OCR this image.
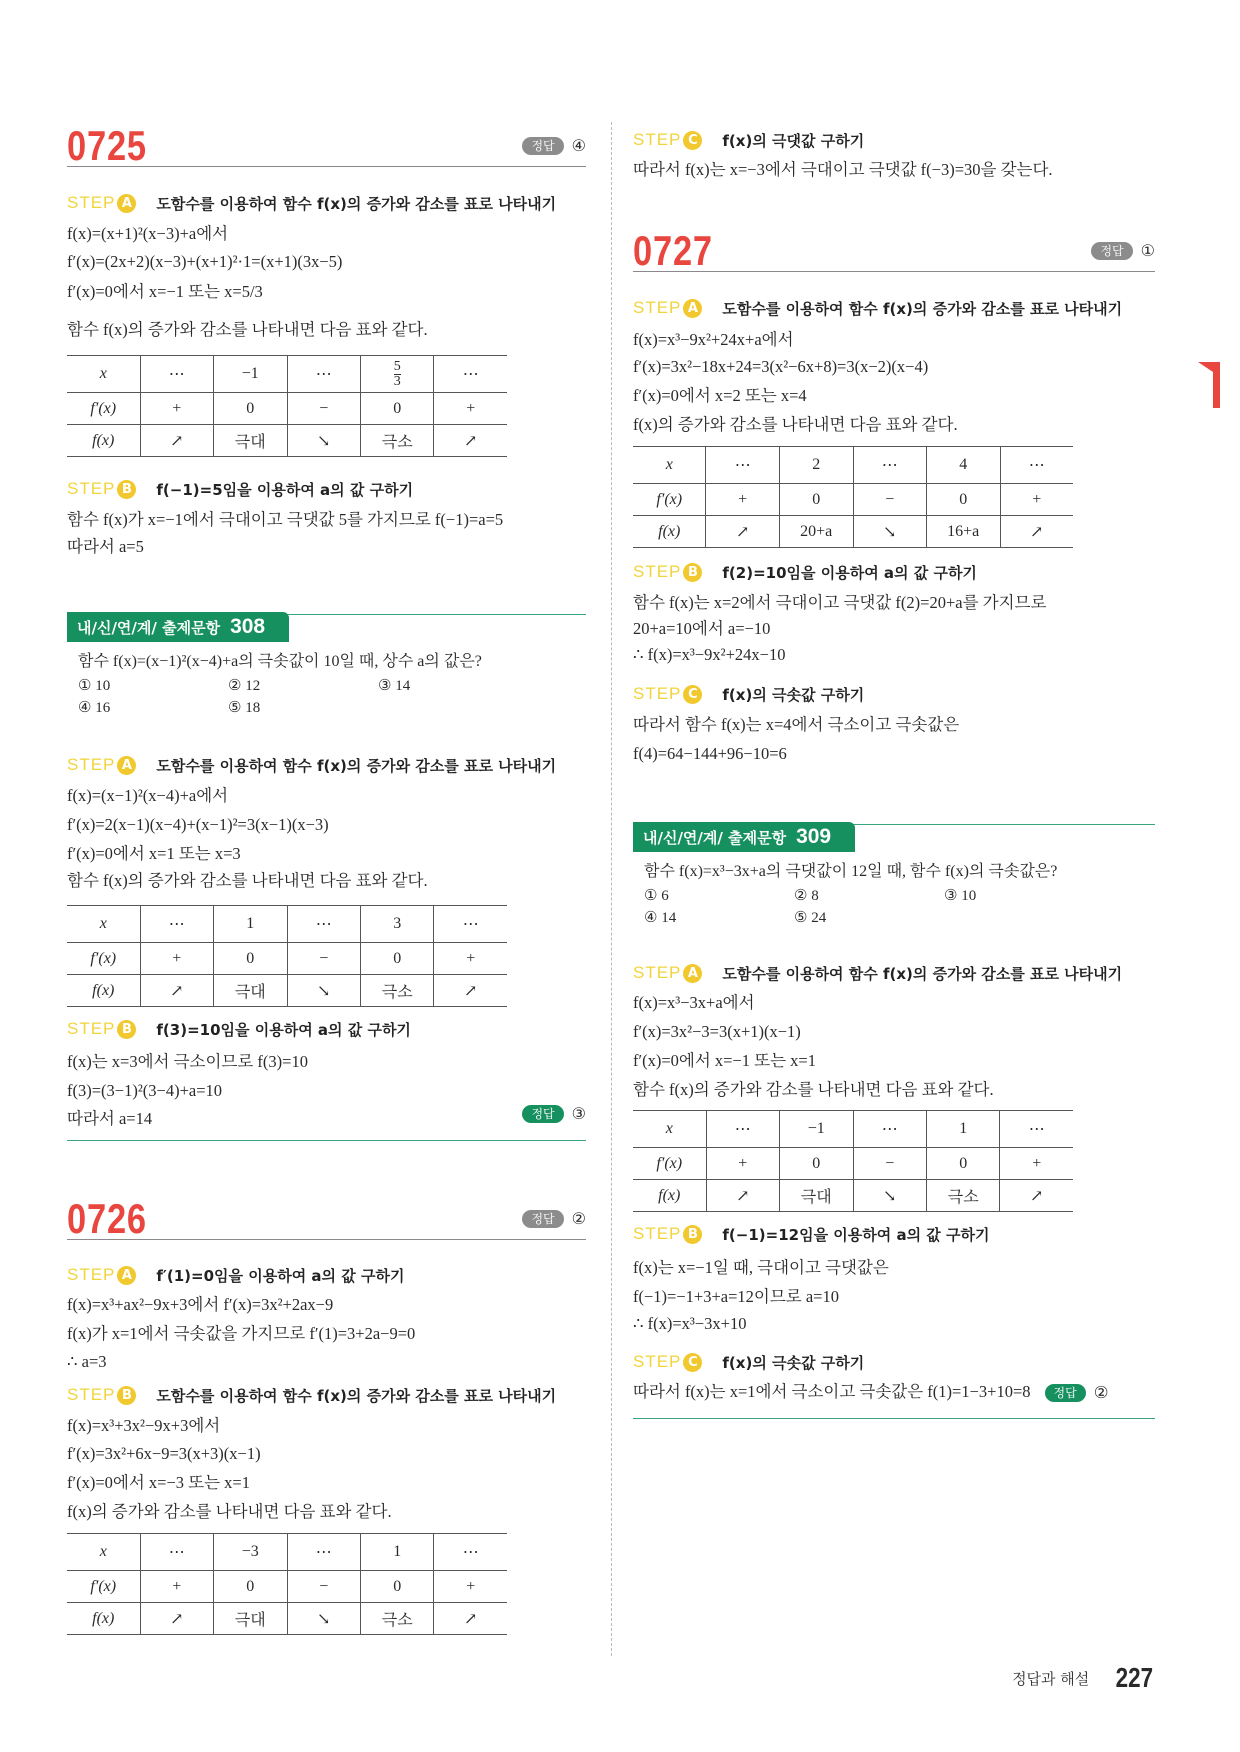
0725	정답	④
STEP A 도함수를 이용하여 함수 f(x)의 증가와 감소를 표로 나타내기
f(x)=(x+1)²(x−3)+a에서
f′(x)=(2x+2)(x−3)+(x+1)²·1=(x+1)(3x−5)
f′(x)=0에서 x=−1 또는 x=5/3
함수 f(x)의 증가와 감소를 나타내면 다음 표와 같다.
x	⋯	−1	⋯	$\frac{5}{3}$	⋯
f′(x)	+	0	−	0	+
f(x)	↗	극대	↘	극소	↗
STEP B	f(−1)=5임을 이용하여 a의 값 구하기
함수 f(x)가 x=−1에서 극대이고 극댓값 5를 가지므로 f(−1)=a=5
따라서 a=5
내/신/연/계/ 출제문항 308
함수 f(x)=(x−1)²(x−4)+a의 극솟값이 10일 때, 상수 a의 값은?
① 10	② 12	③ 14
④ 16	⑤ 18
STEP A 도함수를 이용하여 함수 f(x)의 증가와 감소를 표로 나타내기
f(x)=(x−1)²(x−4)+a에서
f′(x)=2(x−1)(x−4)+(x−1)²=3(x−1)(x−3)
f′(x)=0에서 x=1 또는 x=3
함수 f(x)의 증가와 감소를 나타내면 다음 표와 같다.
x	⋯	1	⋯	3	⋯
f′(x)	+	0	−	0	+
f(x)	↗	극대	↘	극소	↗
STEP B	f(3)=10임을 이용하여 a의 값 구하기
f(x)는 x=3에서 극소이므로 f(3)=10
f(3)=(3−1)²(3−4)+a=10
따라서 a=14	정답	③
0726	정답	②
STEP A f′(1)=0임을 이용하여 a의 값 구하기
f(x)=x³+ax²−9x+3에서 f′(x)=3x²+2ax−9
f(x)가 x=1에서 극솟값을 가지므로 f′(1)=3+2a−9=0
∴ a=3
STEP B	도함수를 이용하여 함수 f(x)의 증가와 감소를 표로 나타내기
f(x)=x³+3x²−9x+3에서
f′(x)=3x²+6x−9=3(x+3)(x−1)
f′(x)=0에서 x=−3 또는 x=1
f(x)의 증가와 감소를 나타내면 다음 표와 같다.
x	⋯	−3	⋯	1	⋯
f′(x)	+	0	−	0	+
f(x)	↗	극대	↘	극소	↗
STEP C	f(x)의 극댓값 구하기
따라서 f(x)는 x=−3에서 극대이고 극댓값 f(−3)=30을 갖는다.
0727	정답	①
STEP A 도함수를 이용하여 함수 f(x)의 증가와 감소를 표로 나타내기
f(x)=x³−9x²+24x+a에서
f′(x)=3x²−18x+24=3(x²−6x+8)=3(x−2)(x−4)
f′(x)=0에서 x=2 또는 x=4
f(x)의 증가와 감소를 나타내면 다음 표와 같다.
x	⋯	2	⋯	4	⋯
f′(x)	+	0	−	0	+
f(x)	↗	20+a	↘	16+a	↗
STEP B	f(2)=10임을 이용하여 a의 값 구하기
함수 f(x)는 x=2에서 극대이고 극댓값 f(2)=20+a를 가지므로
20+a=10에서 a=−10
∴ f(x)=x³−9x²+24x−10
STEP C	f(x)의 극솟값 구하기
따라서 함수 f(x)는 x=4에서 극소이고 극솟값은
f(4)=64−144+96−10=6
내/신/연/계/ 출제문항 309
함수 f(x)=x³−3x+a의 극댓값이 12일 때, 함수 f(x)의 극솟값은?
① 6	② 8	③ 10
④ 14	⑤ 24
STEP A 도함수를 이용하여 함수 f(x)의 증가와 감소를 표로 나타내기
f(x)=x³−3x+a에서
f′(x)=3x²−3=3(x+1)(x−1)
f′(x)=0에서 x=−1 또는 x=1
함수 f(x)의 증가와 감소를 나타내면 다음 표와 같다.
x	⋯	−1	⋯	1	⋯
f′(x)	+	0	−	0	+
f(x)	↗	극대	↘	극소	↗
STEP B	f(−1)=12임을 이용하여 a의 값 구하기
f(x)는 x=−1일 때, 극대이고 극댓값은
f(−1)=−1+3+a=12이므로 a=10
∴ f(x)=x³−3x+10
STEP C	f(x)의 극솟값 구하기
따라서 f(x)는 x=1에서 극소이고 극솟값은 f(1)=1−3+10=8	정답	②
정답과 해설 227
